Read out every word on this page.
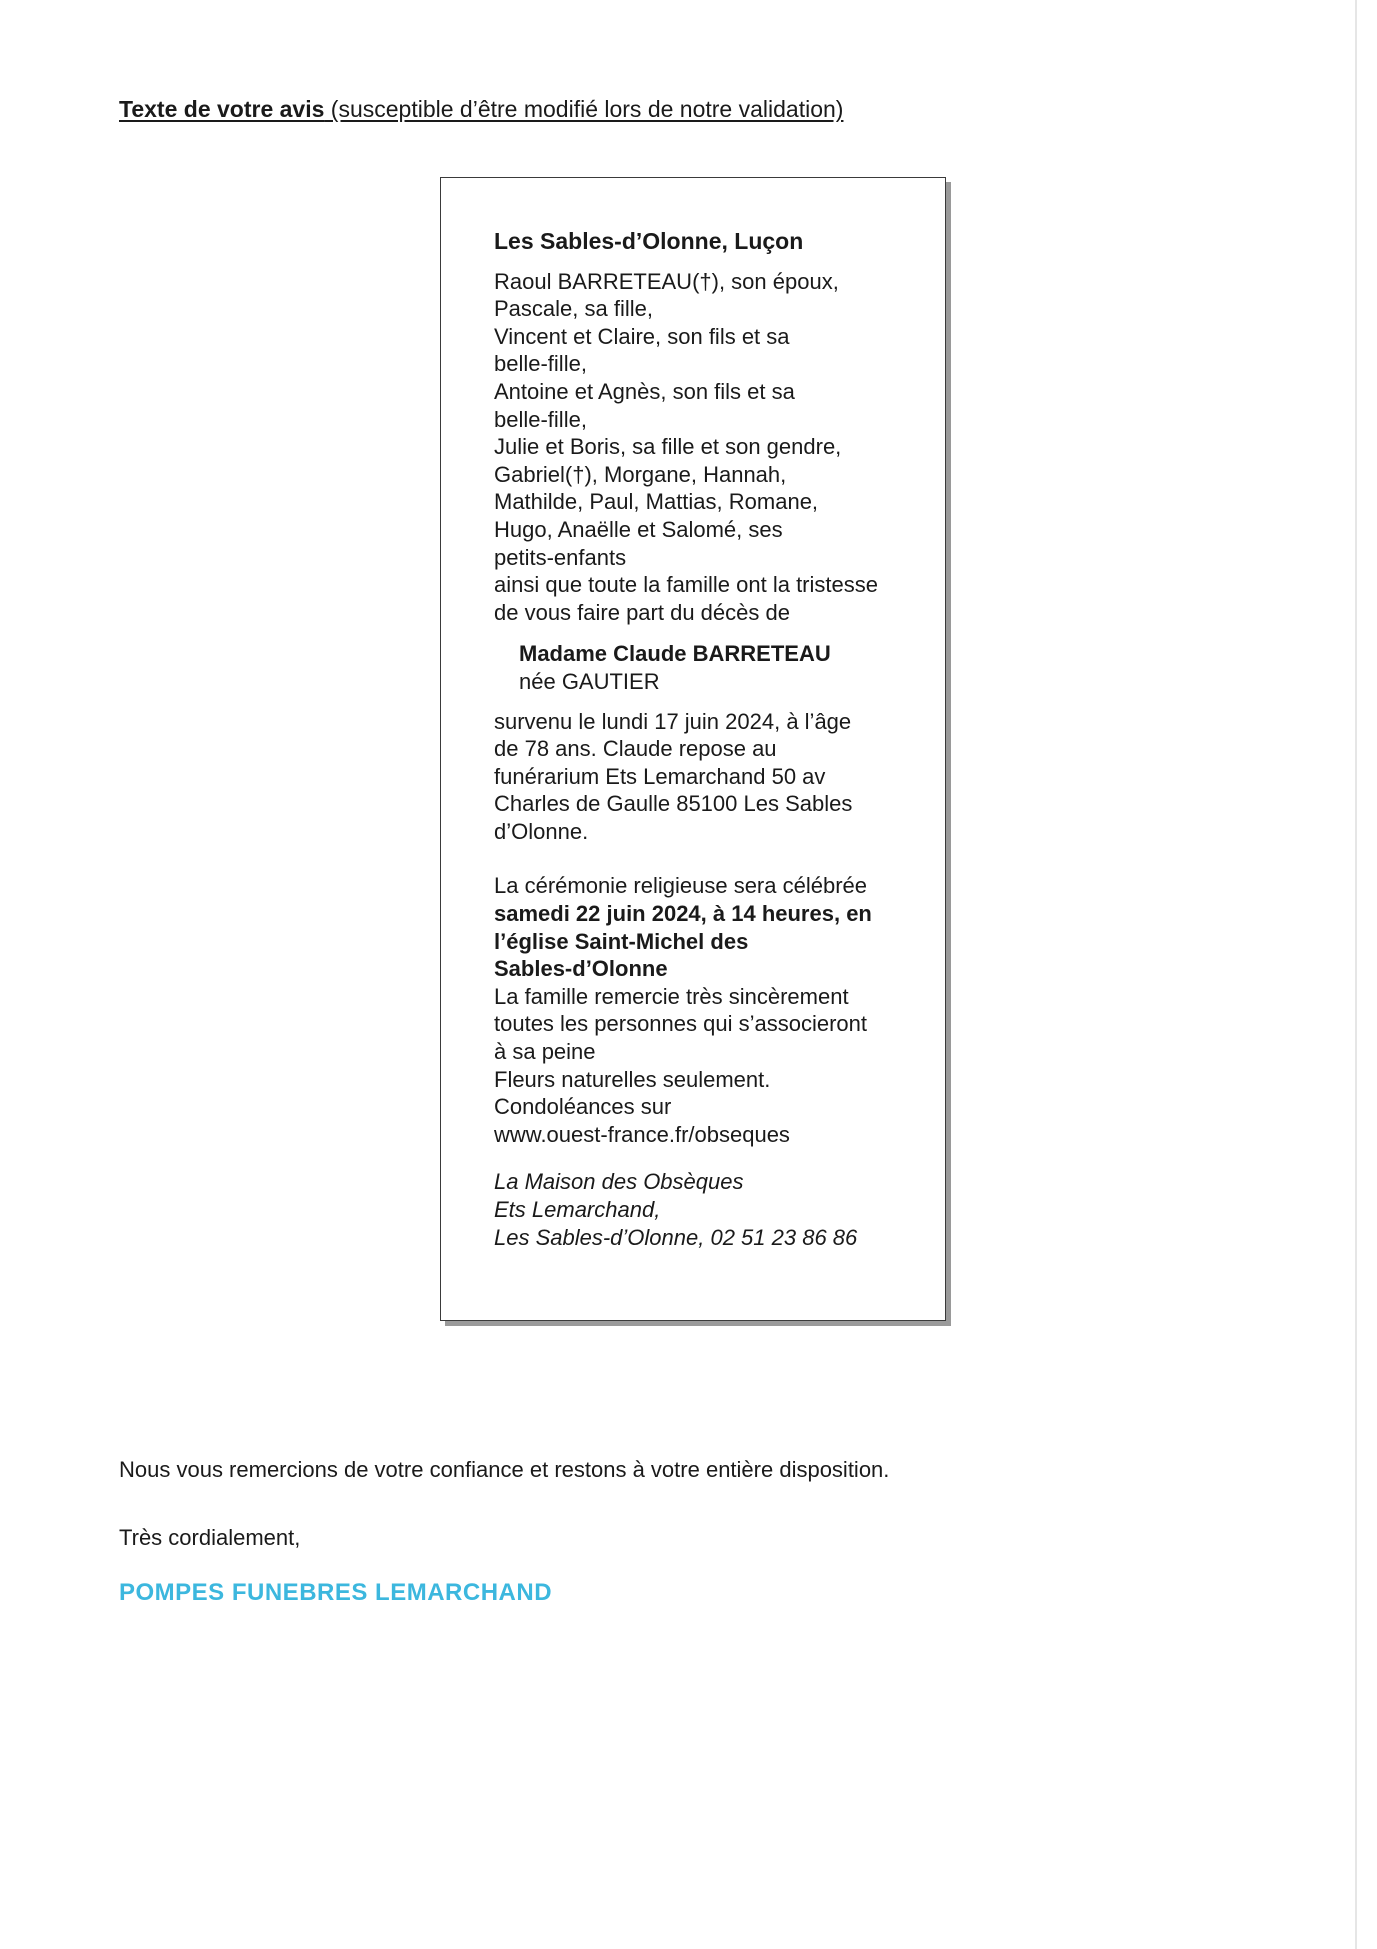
Texte de votre avis (susceptible d’être modifié lors de notre validation)
Les Sables-d’Olonne, Luçon
Raoul BARRETEAU(†), son époux,
Pascale, sa fille,
Vincent et Claire, son fils et sa
belle-fille,
Antoine et Agnès, son fils et sa
belle-fille,
Julie et Boris, sa fille et son gendre,
Gabriel(†), Morgane, Hannah,
Mathilde, Paul, Mattias, Romane,
Hugo, Anaëlle et Salomé, ses
petits-enfants
ainsi que toute la famille ont la tristesse
de vous faire part du décès de
Madame Claude BARRETEAU
née GAUTIER
survenu le lundi 17 juin 2024, à l’âge
de 78 ans. Claude repose au
funérarium Ets Lemarchand 50 av
Charles de Gaulle 85100 Les Sables
d’Olonne.
La cérémonie religieuse sera célébrée
samedi 22 juin 2024, à 14 heures, en
l’église Saint-Michel des
Sables-d’Olonne
La famille remercie très sincèrement
toutes les personnes qui s’associeront
à sa peine
Fleurs naturelles seulement.
Condoléances sur
www.ouest-france.fr/obseques
La Maison des Obsèques
Ets Lemarchand,
Les Sables-d’Olonne, 02 51 23 86 86
Nous vous remercions de votre confiance et restons à votre entière disposition.
Très cordialement,
POMPES FUNEBRES LEMARCHAND
